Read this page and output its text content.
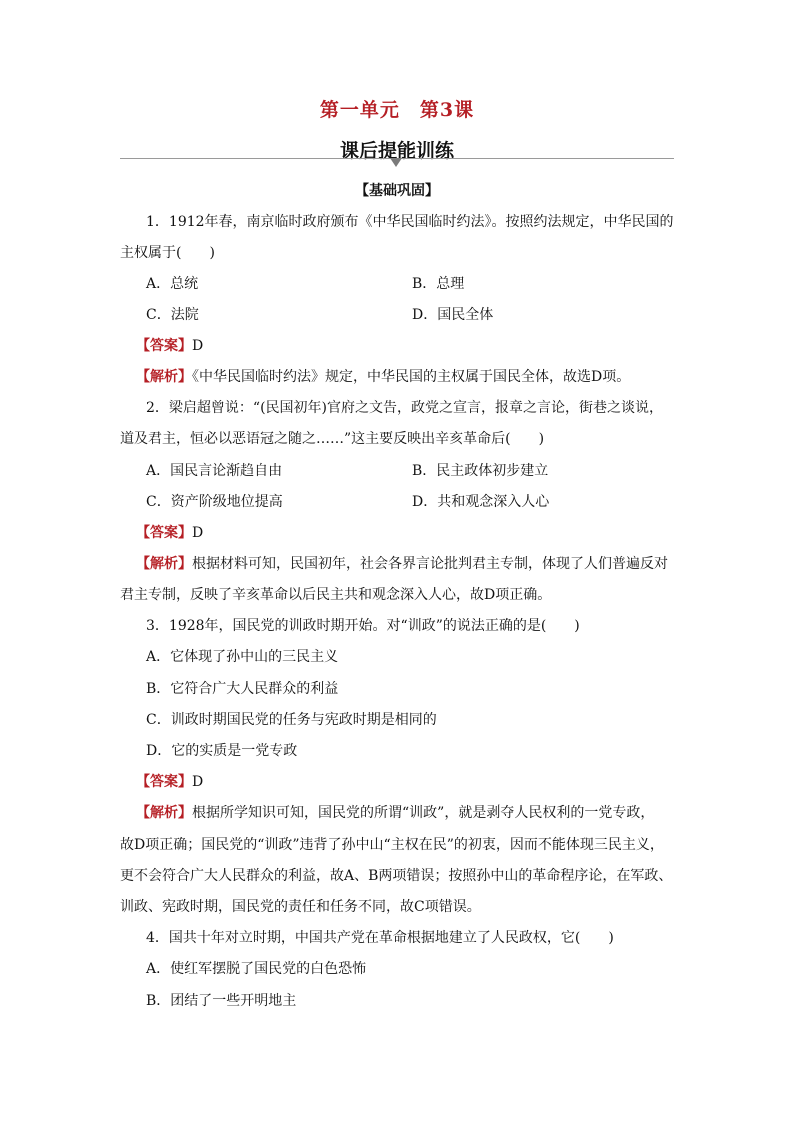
第一单元　第3课
课后提能训练
【基础巩固】
1．1912年春，南京临时政府颁布《中华民国临时约法》。按照约法规定，中华民国的
主权属于(　　)
A．总统	B．总理
C．法院	D．国民全体
【答案】D
【解析】《中华民国临时约法》规定，中华民国的主权属于国民全体，故选D项。
2．梁启超曾说：“(民国初年)官府之文告，政党之宣言，报章之言论，街巷之谈说，
道及君主，恒必以恶语冠之随之……”这主要反映出辛亥革命后(　　)
A．国民言论渐趋自由	B．民主政体初步建立
C．资产阶级地位提高	D．共和观念深入人心
【答案】D
【解析】根据材料可知，民国初年，社会各界言论批判君主专制，体现了人们普遍反对
君主专制，反映了辛亥革命以后民主共和观念深入人心，故D项正确。
3．1928年，国民党的训政时期开始。对“训政”的说法正确的是(　　)
A．它体现了孙中山的三民主义
B．它符合广大人民群众的利益
C．训政时期国民党的任务与宪政时期是相同的
D．它的实质是一党专政
【答案】D
【解析】根据所学知识可知，国民党的所谓“训政”，就是剥夺人民权利的一党专政，
故D项正确；国民党的“训政”违背了孙中山“主权在民”的初衷，因而不能体现三民主义，
更不会符合广大人民群众的利益，故A、B两项错误；按照孙中山的革命程序论，在军政、
训政、宪政时期，国民党的责任和任务不同，故C项错误。
4．国共十年对立时期，中国共产党在革命根据地建立了人民政权，它(　　)
A．使红军摆脱了国民党的白色恐怖
B．团结了一些开明地主
